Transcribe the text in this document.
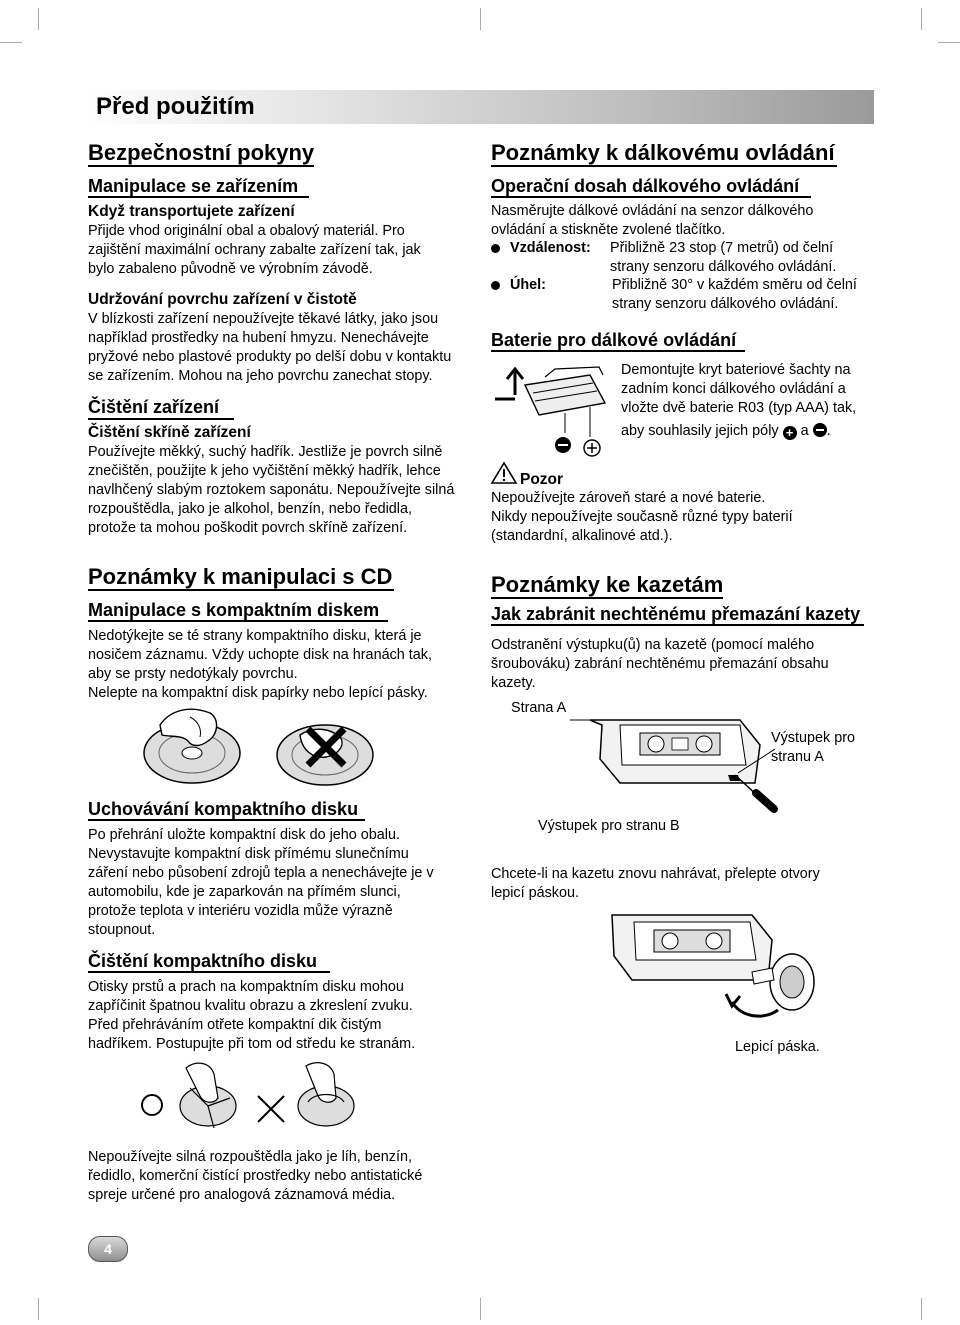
Před použitím
Bezpečnostní pokyny
Manipulace se zařízením
Když transportujete zařízení
Přijde vhod originální obal a obalový materiál. Pro
zajištění maximální ochrany zabalte zařízení tak, jak
bylo zabaleno původně ve výrobním závodě.
Udržování povrchu zařízení v čistotě
V blízkosti zařízení nepoužívejte těkavé látky, jako jsou
například prostředky na hubení hmyzu. Nenechávejte
pryžové nebo plastové produkty po delší dobu v kontaktu
se zařízením. Mohou na jeho povrchu zanechat stopy.
Čištění zařízení
Čištění skříně zařízení
Používejte měkký, suchý hadřík. Jestliže je povrch silně
znečištěn, použijte k jeho vyčištění měkký hadřík, lehce
navlhčený slabým roztokem saponátu. Nepoužívejte silná
rozpouštědla, jako je alkohol, benzín, nebo ředidla,
protože ta mohou poškodit povrch skříně zařízení.
Poznámky k manipulaci s CD
Manipulace s kompaktním diskem
Nedotýkejte se té strany kompaktního disku, která je
nosičem záznamu. Vždy uchopte disk na hranách tak,
aby se prsty nedotýkaly povrchu.
Nelepte na kompaktní disk papírky nebo lepící pásky.
Uchovávání kompaktního disku
Po přehrání uložte kompaktní disk do jeho obalu.
Nevystavujte kompaktní disk přímému slunečnímu
záření nebo působení zdrojů tepla a nenechávejte je v
automobilu, kde je zaparkován na přímém slunci,
protože teplota v interiéru vozidla může výrazně
stoupnout.
Čištění kompaktního disku
Otisky prstů a prach na kompaktním disku mohou
zapříčinit špatnou kvalitu obrazu a zkreslení zvuku.
Před přehráváním otřete kompaktní dik čistým
hadříkem. Postupujte při tom od středu ke stranám.
Nepoužívejte silná rozpouštědla jako je líh, benzín,
ředidlo, komerční čistící prostředky nebo antistatické
spreje určené pro analogová záznamová média.
Poznámky k dálkovému ovládání
Operační dosah dálkového ovládání
Nasměrujte dálkové ovládání na senzor dálkového
ovládání a stiskněte zvolené tlačítko.
Vzdálenost: Přibližně 23 stop (7 metrů) od čelní
strany senzoru dálkového ovládání.
Úhel:	Přibližně 30° v každém směru od čelní
strany senzoru dálkového ovládání.
Baterie pro dálkové ovládání
Demontujte kryt bateriové šachty na
zadním konci dálkového ovládání a
vložte dvě baterie R03 (typ AAA) tak,
aby souhlasily jejich póly + a .
Pozor
Nepoužívejte zároveň staré a nové baterie.
Nikdy nepoužívejte současně různé typy baterií
(standardní, alkalinové atd.).
Poznámky ke kazetám
Jak zabránit nechtěnému přemazání kazety
Odstranění výstupku(ů) na kazetě (pomocí malého
šroubováku) zabrání nechtěnému přemazání obsahu
kazety.
Strana A
Výstupek pro
stranu A
Výstupek pro stranu B
Chcete-li na kazetu znovu nahrávat, přelepte otvory
lepicí páskou.
Lepicí páska.
4
